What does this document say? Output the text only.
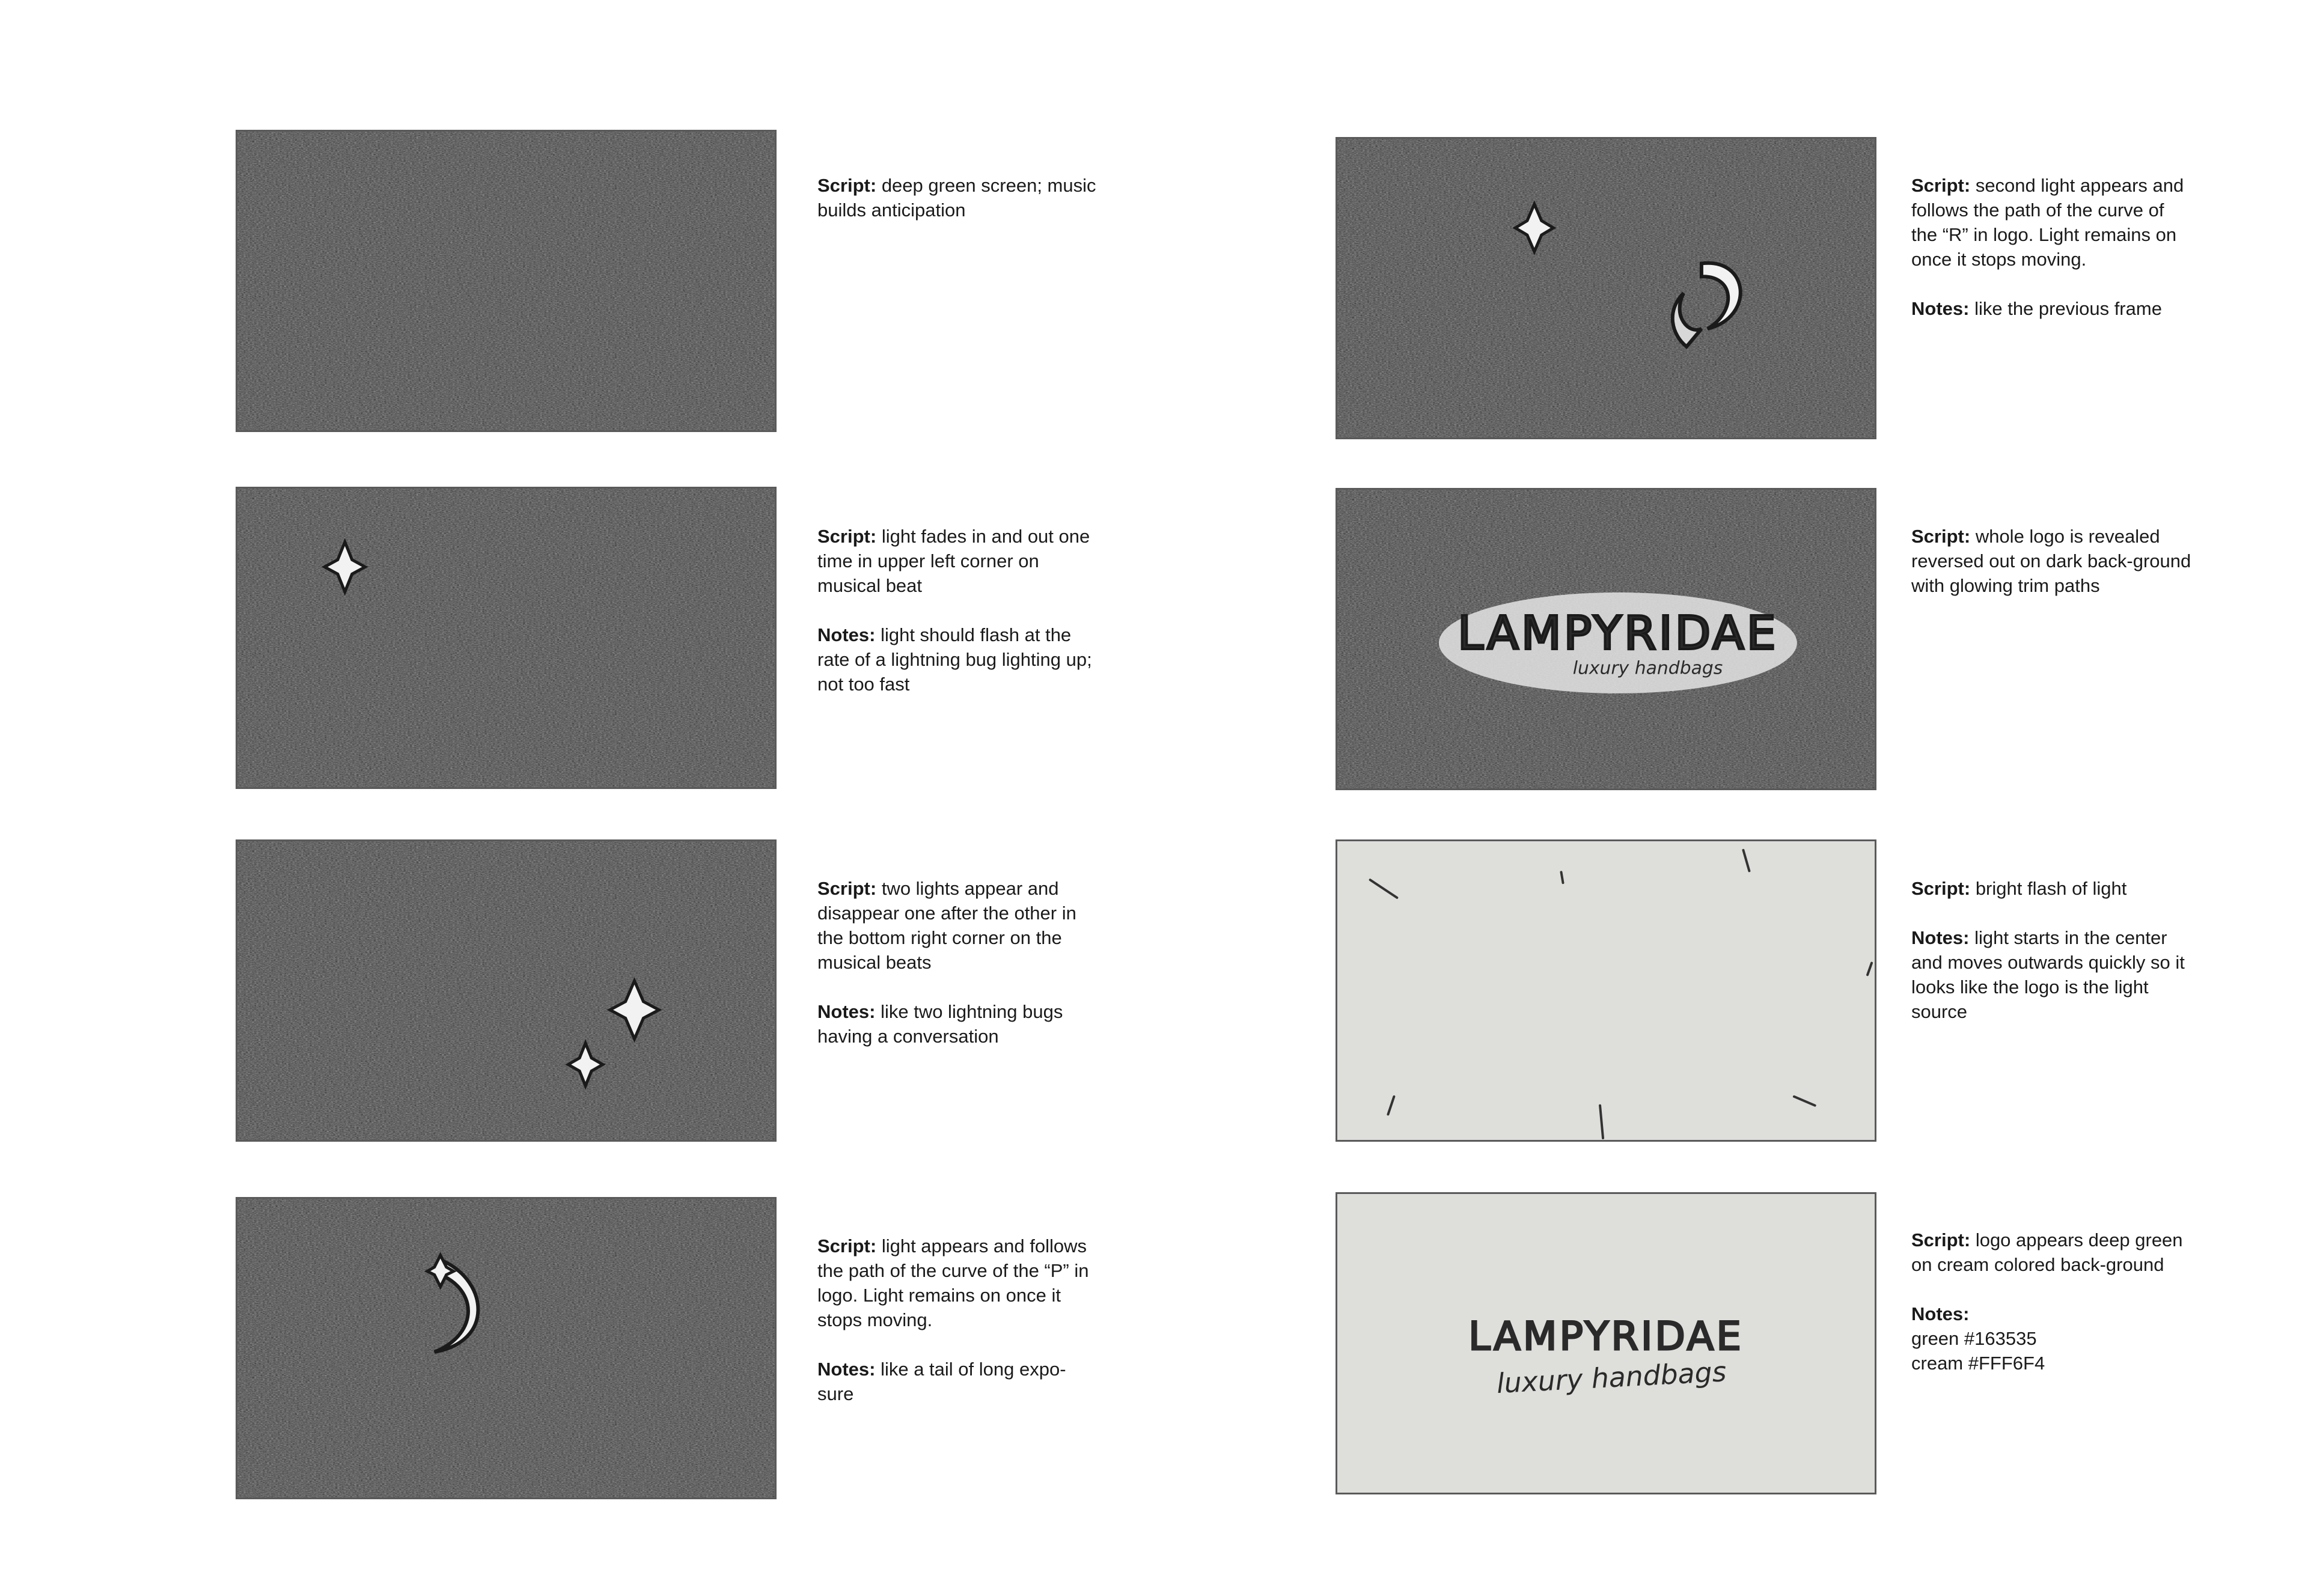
Script: deep green screen; music builds anticipation

Script: light fades in and out one time in upper left corner on musical beat

Notes: light should flash at the rate of a lightning bug lighting up; not too fast

Script: two lights appear and disappear one after the other in the bottom right corner on the musical beats

Notes: like two lightning bugs having a conversation

Script: light appears and follows the path of the curve of the “P” in logo. Light remains on once it stops moving.

Notes: like a tail of long expo-sure

Script: second light appears and follows the path of the curve of the “R” in logo. Light remains on once it stops moving.

Notes: like the previous frame

LAMPYRIDAE
luxury handbags

Script: whole logo is revealed reversed out on dark back-ground with glowing trim paths

Script: bright flash of light

Notes: light starts in the center and moves outwards quickly so it looks like the logo is the light source

LAMPYRIDAE
luxury handbags

Script: logo appears deep green on cream colored back-ground

Notes:
green #163535
cream #FFF6F4
